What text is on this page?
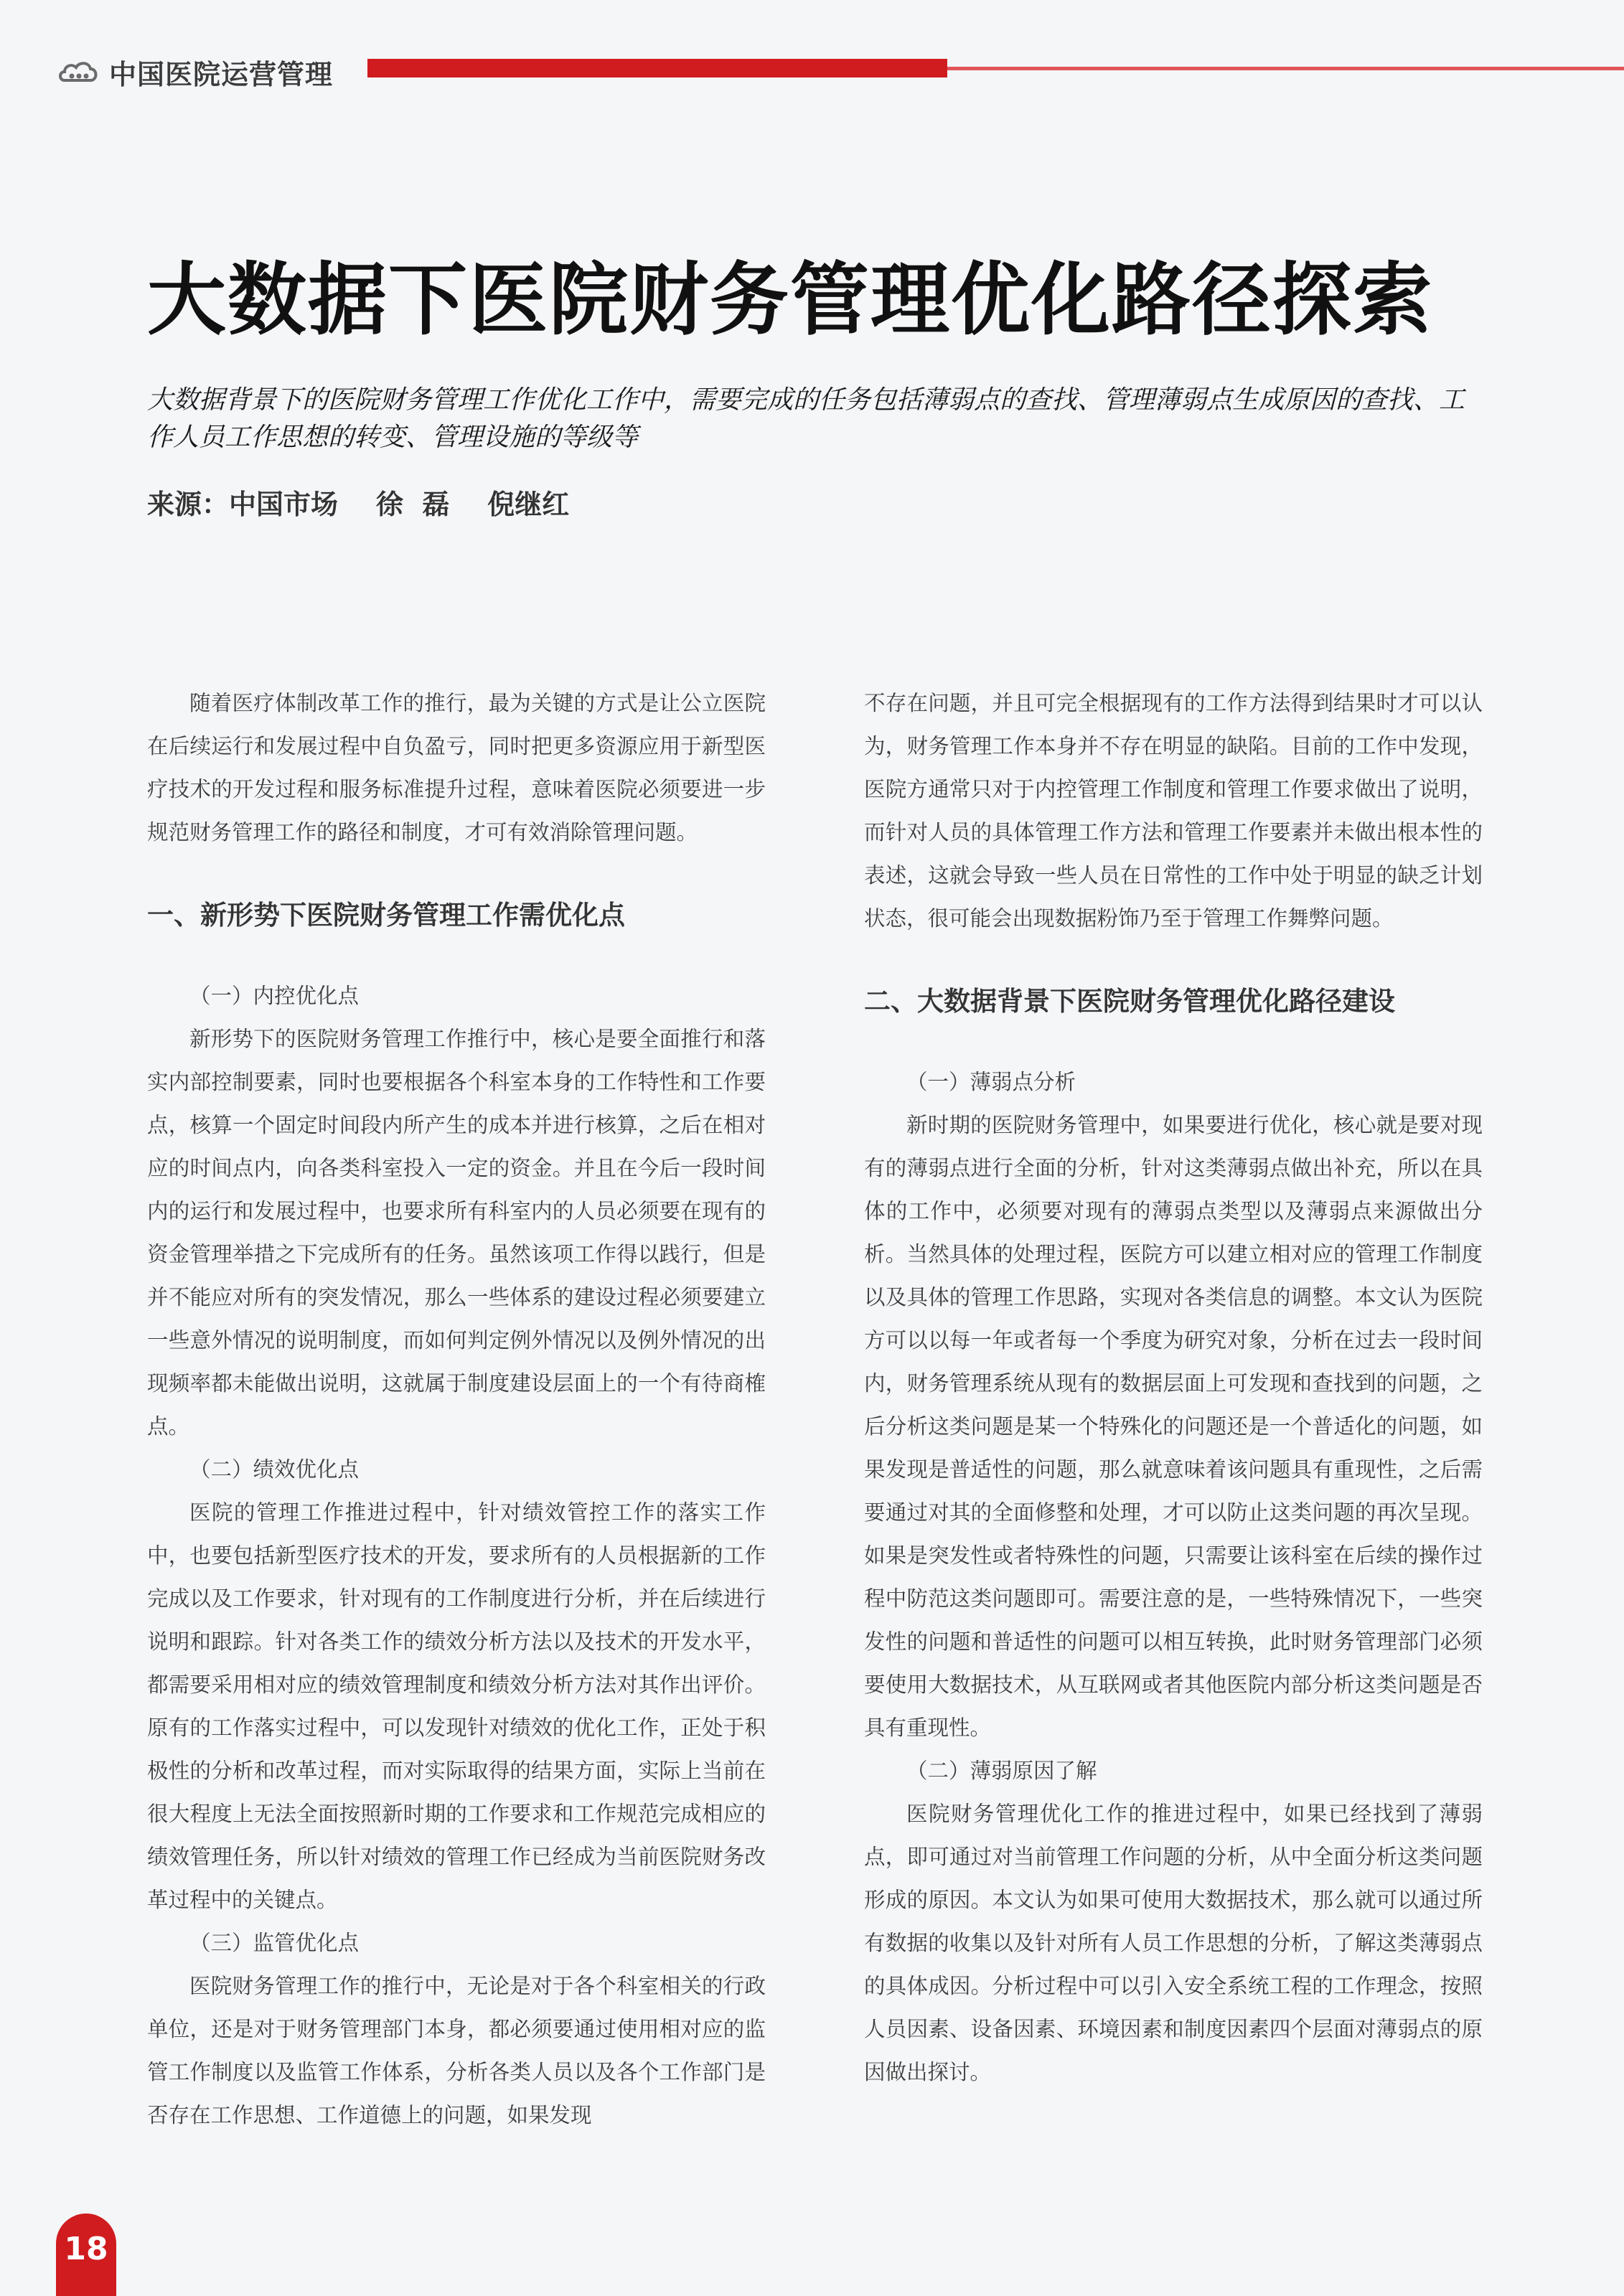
中国医院运营管理
大数据下医院财务管理优化路径探索
大数据背景下的医院财务管理工作优化工作中，需要完成的任务包括薄弱点的查找、管理薄弱点生成原因的查找、工作人员工作思想的转变、管理设施的等级等
来源：中国市场    徐  磊    倪继红

随着医疗体制改革工作的推行，最为关键的方式是让公立医院在后续运行和发展过程中自负盈亏，同时把更多资源应用于新型医疗技术的开发过程和服务标准提升过程，意味着医院必须要进一步规范财务管理工作的路径和制度，才可有效消除管理问题。

一、新形势下医院财务管理工作需优化点

（一）内控优化点

新形势下的医院财务管理工作推行中，核心是要全面推行和落实内部控制要素，同时也要根据各个科室本身的工作特性和工作要点，核算一个固定时间段内所产生的成本并进行核算，之后在相对应的时间点内，向各类科室投入一定的资金。并且在今后一段时间内的运行和发展过程中，也要求所有科室内的人员必须要在现有的资金管理举措之下完成所有的任务。虽然该项工作得以践行，但是并不能应对所有的突发情况，那么一些体系的建设过程必须要建立一些意外情况的说明制度，而如何判定例外情况以及例外情况的出现频率都未能做出说明，这就属于制度建设层面上的一个有待商榷点。

（二）绩效优化点

医院的管理工作推进过程中，针对绩效管控工作的落实工作中，也要包括新型医疗技术的开发，要求所有的人员根据新的工作完成以及工作要求，针对现有的工作制度进行分析，并在后续进行说明和跟踪。针对各类工作的绩效分析方法以及技术的开发水平，都需要采用相对应的绩效管理制度和绩效分析方法对其作出评价。原有的工作落实过程中，可以发现针对绩效的优化工作，正处于积极性的分析和改革过程，而对实际取得的结果方面，实际上当前在很大程度上无法全面按照新时期的工作要求和工作规范完成相应的绩效管理任务，所以针对绩效的管理工作已经成为当前医院财务改革过程中的关键点。

（三）监管优化点

医院财务管理工作的推行中，无论是对于各个科室相关的行政单位，还是对于财务管理部门本身，都必须要通过使用相对应的监管工作制度以及监管工作体系，分析各类人员以及各个工作部门是否存在工作思想、工作道德上的问题，如果发现

不存在问题，并且可完全根据现有的工作方法得到结果时才可以认为，财务管理工作本身并不存在明显的缺陷。目前的工作中发现，医院方通常只对于内控管理工作制度和管理工作要求做出了说明，而针对人员的具体管理工作方法和管理工作要素并未做出根本性的表述，这就会导致一些人员在日常性的工作中处于明显的缺乏计划状态，很可能会出现数据粉饰乃至于管理工作舞弊问题。

二、大数据背景下医院财务管理优化路径建设

（一）薄弱点分析

新时期的医院财务管理中，如果要进行优化，核心就是要对现有的薄弱点进行全面的分析，针对这类薄弱点做出补充，所以在具体的工作中，必须要对现有的薄弱点类型以及薄弱点来源做出分析。当然具体的处理过程，医院方可以建立相对应的管理工作制度以及具体的管理工作思路，实现对各类信息的调整。本文认为医院方可以以每一年或者每一个季度为研究对象，分析在过去一段时间内，财务管理系统从现有的数据层面上可发现和查找到的问题，之后分析这类问题是某一个特殊化的问题还是一个普适化的问题，如果发现是普适性的问题，那么就意味着该问题具有重现性，之后需要通过对其的全面修整和处理，才可以防止这类问题的再次呈现。如果是突发性或者特殊性的问题，只需要让该科室在后续的操作过程中防范这类问题即可。需要注意的是，一些特殊情况下，一些突发性的问题和普适性的问题可以相互转换，此时财务管理部门必须要使用大数据技术，从互联网或者其他医院内部分析这类问题是否具有重现性。

（二）薄弱原因了解

医院财务管理优化工作的推进过程中，如果已经找到了薄弱点，即可通过对当前管理工作问题的分析，从中全面分析这类问题形成的原因。本文认为如果可使用大数据技术，那么就可以通过所有数据的收集以及针对所有人员工作思想的分析，了解这类薄弱点的具体成因。分析过程中可以引入安全系统工程的工作理念，按照人员因素、设备因素、环境因素和制度因素四个层面对薄弱点的原因做出探讨。

18
